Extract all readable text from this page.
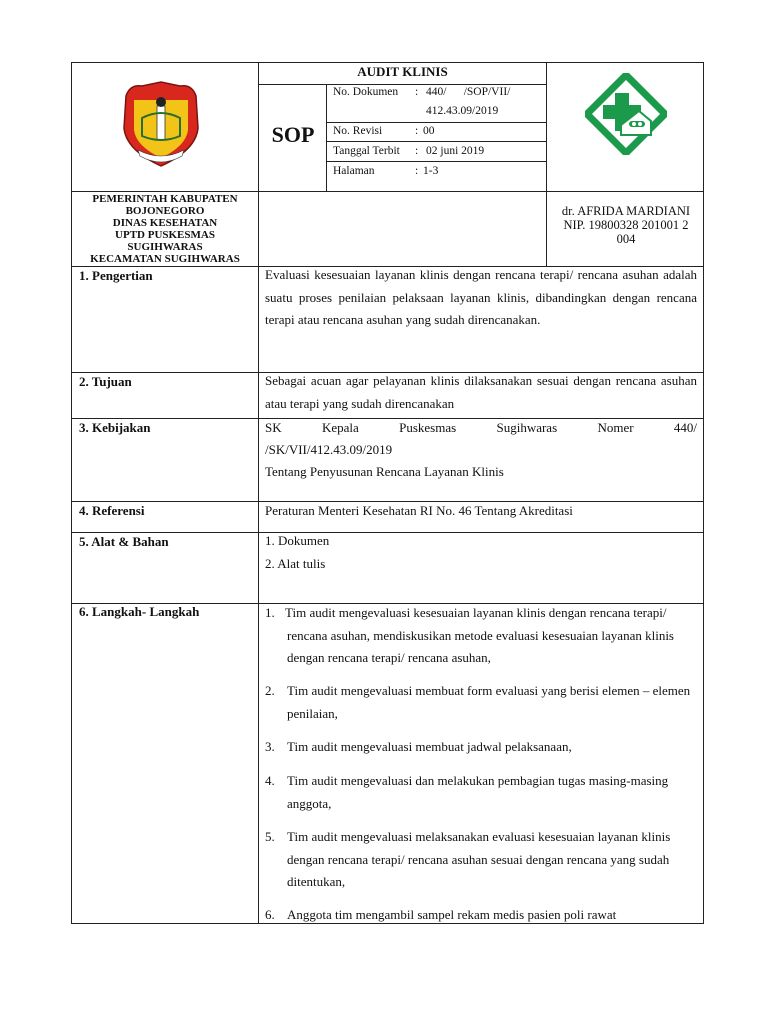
AUDIT KLINIS
SOP
No. Dokumen : 440/      /SOP/VII/
412.43.09/2019
No. Revisi	: 00
Tanggal Terbit : 02 juni 2019
Halaman	: 1-3
PEMERINTAH KABUPATEN
BOJONEGORO
DINAS KESEHATAN
UPTD PUSKESMAS
SUGIHWARAS
KECAMATAN SUGIHWARAS
dr. AFRIDA MARDIANI
NIP. 19800328 201001 2
004
1. Pengertian	Evaluasi kesesuaian layanan klinis dengan rencana terapi/ rencana asuhan adalah suatu proses penilaian pelaksaan layanan klinis, dibandingkan dengan rencana terapi atau rencana asuhan yang sudah direncanakan.
2. Tujuan	Sebagai acuan agar pelayanan klinis dilaksanakan sesuai dengan rencana asuhan atau terapi yang sudah direncanakan
3. Kebijakan	SK Kepala Puskesmas Sugihwaras Nomer 440/
/SK/VII/412.43.09/2019
Tentang Penyusunan Rencana Layanan Klinis
4. Referensi	Peraturan Menteri Kesehatan RI No. 46 Tentang Akreditasi
5. Alat & Bahan	1. Dokumen
2. Alat tulis
6. Langkah- Langkah	1. Tim audit mengevaluasi kesesuaian layanan klinis dengan rencana terapi/ rencana asuhan, mendiskusikan metode evaluasi kesesuaian layanan klinis dengan rencana terapi/ rencana asuhan,
2. Tim audit mengevaluasi membuat form evaluasi yang berisi elemen – elemen penilaian,
3. Tim audit mengevaluasi membuat jadwal pelaksanaan,
4. Tim audit mengevaluasi dan melakukan pembagian tugas masing-masing anggota,
5. Tim audit mengevaluasi melaksanakan evaluasi kesesuaian layanan klinis dengan rencana terapi/ rencana asuhan sesuai dengan rencana yang sudah ditentukan,
6. Anggota tim mengambil sampel rekam medis pasien poli rawat
